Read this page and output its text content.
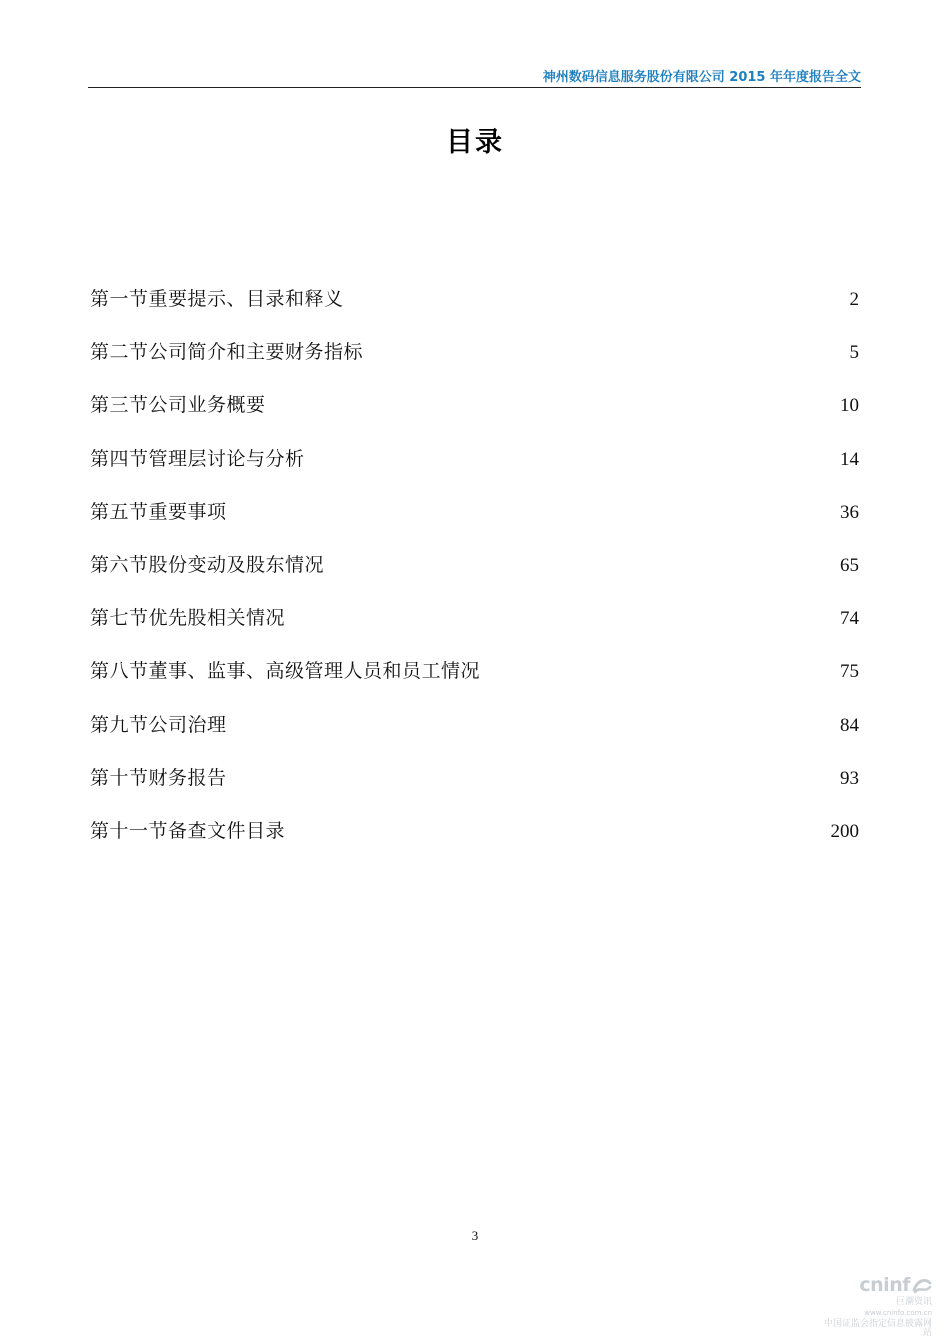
神州数码信息服务股份有限公司 2015 年年度报告全文
目录
第一节重要提示、目录和释义	2
第二节公司简介和主要财务指标	5
第三节公司业务概要	10
第四节管理层讨论与分析	14
第五节重要事项	36
第六节股份变动及股东情况	65
第七节优先股相关情况	74
第八节董事、监事、高级管理人员和员工情况	75
第九节公司治理	84
第十节财务报告	93
第十一节备查文件目录	200
3
cninf
巨潮资讯
www.cninfo.com.cn
中国证监会指定信息披露网站
